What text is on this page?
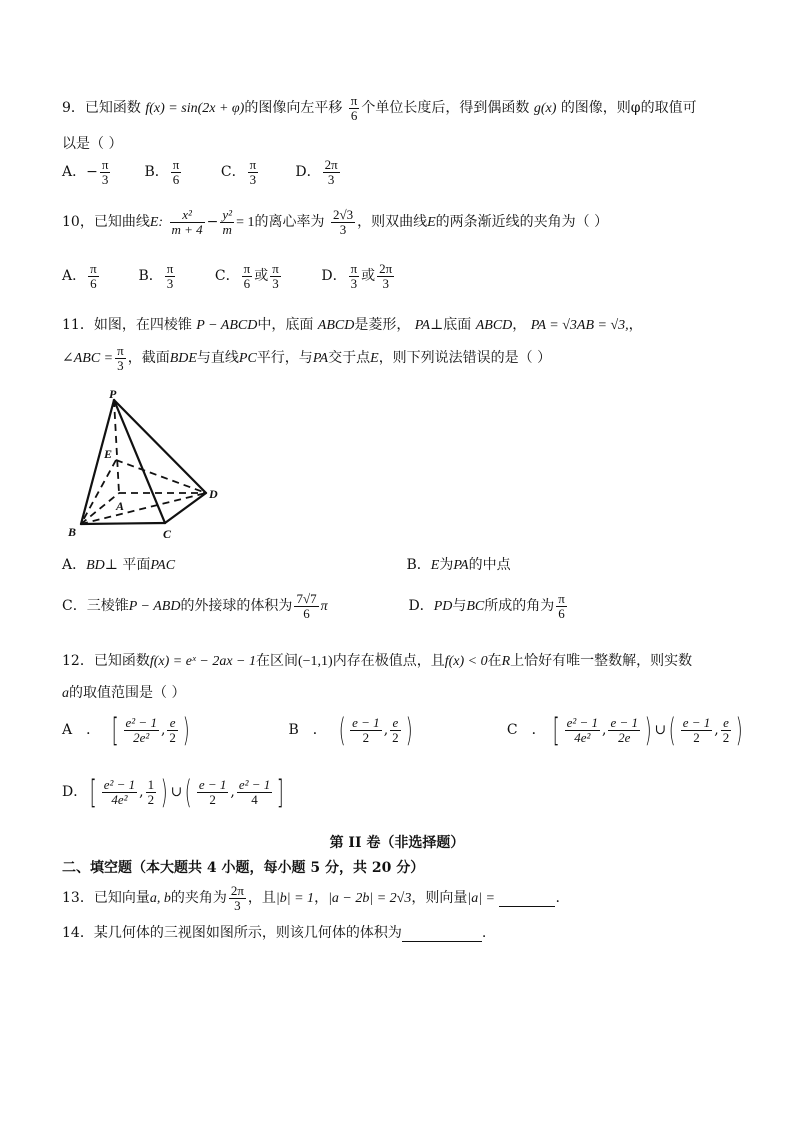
9．已知函数 f(x) = sin(2x + φ)的图像向左平移 $\frac{\pi}{6}$ 个单位长度后，得到偶函数 g(x) 的图像，则φ的取值可
以是（ ）
A．− $\frac{\pi}{3}$ B． $\frac{\pi}{6}$	C． $\frac{\pi}{3}$	D． $\frac{2\pi}{3}$
10，已知曲线E: $\frac{\text{x²}}{m + 4} - \frac{\text{y²}}{m} = 1$的离心率为 $\frac{2√3}{3}$ ，则双曲线E的两条渐近线的夹角为（ ）
A． $\frac{\pi}{6}$	B． $\frac{\pi}{3}$	C． $\frac{\pi}{6}$ 或 $\frac{\pi}{3}$	D． $\frac{\pi}{3}$ 或 $\frac{2\pi}{3}$
11．如图，在四棱锥 P − ABCD中，底面 ABCD是菱形， PA⊥底面 ABCD， PA = √3AB = √3,，
∠ABC = $\frac{\pi}{3}$ ，截面BDE与直线PC平行，与PA交于点E，则下列说法错误的是（ ）
P
E
A
B	C
D
A．BD⊥ 平面PAC	B．E为PA的中点
C．三棱锥P − ABD的外接球的体积为 $\frac{7√7}{6}$ π	D．PD与BC所成的角为 $\frac{\pi}{6}$
12．已知函数f(x) = eˣ − 2ax − 1在区间(−1,1)内存在极值点，且f(x) < 0在R上恰好有唯一整数解，则实数
a的取值范围是（ ）
A　． [ $\frac{\text{e² − 1}}{\text{2e²}}$ , $\frac{e}{2}$ )	B　． ( $\frac{e - 1}{2}$ , $\frac{e}{2}$ )	C　． [ $\frac{\text{e² − 1}}{\text{4e²}}$ , $\frac{e - 1}{2e}$ ) ∪( $\frac{e - 1}{2}$ , $\frac{e}{2}$ )
D．[ $\frac{\text{e² − 1}}{\text{4e²}}$ , $\frac{1}{2}$ ) ∪( $\frac{e - 1}{2}$ , $\frac{\text{e² − 1}}{4}$ ]
第 II 卷（非选择题）
二、填空题（本大题共 4 小题，每小题 5 分，共 20 分）
13．已知向量a, b的夹角为 $\frac{2\pi}{3}$ ，且|b| = 1，|a − 2b| = 2√3，则向量|a| =	.
14．某几何体的三视图如图所示，则该几何体的体积为	.
